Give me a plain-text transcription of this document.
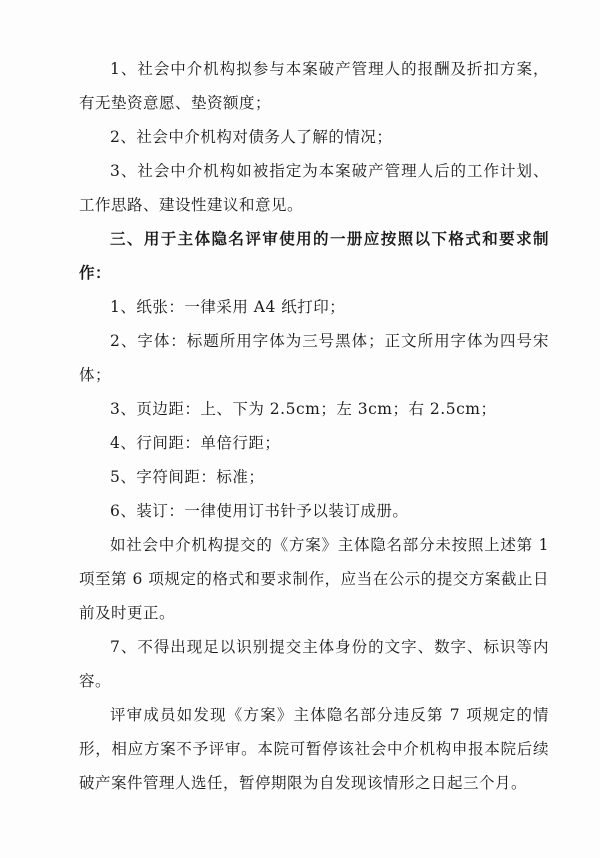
1、社会中介机构拟参与本案破产管理人的报酬及折扣方案，有无垫资意愿、垫资额度；

2、社会中介机构对债务人了解的情况；

3、社会中介机构如被指定为本案破产管理人后的工作计划、工作思路、建设性建议和意见。

三、用于主体隐名评审使用的一册应按照以下格式和要求制作：

1、纸张：一律采用 A4 纸打印；

2、字体：标题所用字体为三号黑体；正文所用字体为四号宋体；

3、页边距：上、下为 2.5cm；左 3cm；右 2.5cm；

4、行间距：单倍行距；

5、字符间距：标准；

6、装订：一律使用订书针予以装订成册。

如社会中介机构提交的《方案》主体隐名部分未按照上述第 1 项至第 6 项规定的格式和要求制作，应当在公示的提交方案截止日前及时更正。

7、不得出现足以识别提交主体身份的文字、数字、标识等内容。

评审成员如发现《方案》主体隐名部分违反第 7 项规定的情形，相应方案不予评审。本院可暂停该社会中介机构申报本院后续破产案件管理人选任，暂停期限为自发现该情形之日起三个月。
